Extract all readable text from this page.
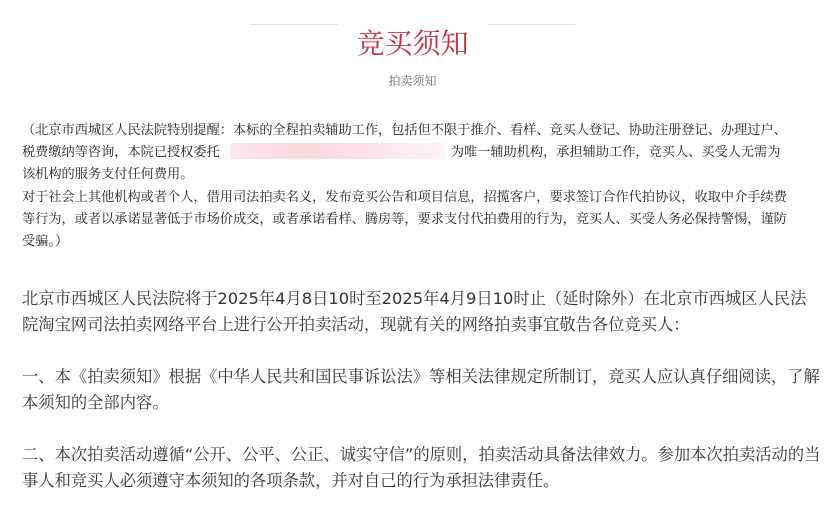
竞买须知
拍卖须知

（北京市西城区人民法院特别提醒：本标的全程拍卖辅助工作，包括但不限于推介、看样、竞买人登记、协助注册登记、办理过户、税费缴纳等咨询，本院已授权委托	为唯一辅助机构，承担辅助工作，竞买人、买受人无需为该机构的服务支付任何费用。

对于社会上其他机构或者个人，借用司法拍卖名义，发布竞买公告和项目信息，招揽客户，要求签订合作代拍协议，收取中介手续费等行为，或者以承诺显著低于市场价成交，或者承诺看样、腾房等，要求支付代拍费用的行为，竞买人、买受人务必保持警惕，谨防受骗。）

北京市西城区人民法院将于2025年4月8日10时至2025年4月9日10时止（延时除外）在北京市西城区人民法院淘宝网司法拍卖网络平台上进行公开拍卖活动，现就有关的网络拍卖事宜敬告各位竞买人：

一、本《拍卖须知》根据《中华人民共和国民事诉讼法》等相关法律规定所制订，竞买人应认真仔细阅读，了解本须知的全部内容。

二、本次拍卖活动遵循“公开、公平、公正、诚实守信”的原则，拍卖活动具备法律效力。参加本次拍卖活动的当事人和竞买人必须遵守本须知的各项条款，并对自己的行为承担法律责任。
